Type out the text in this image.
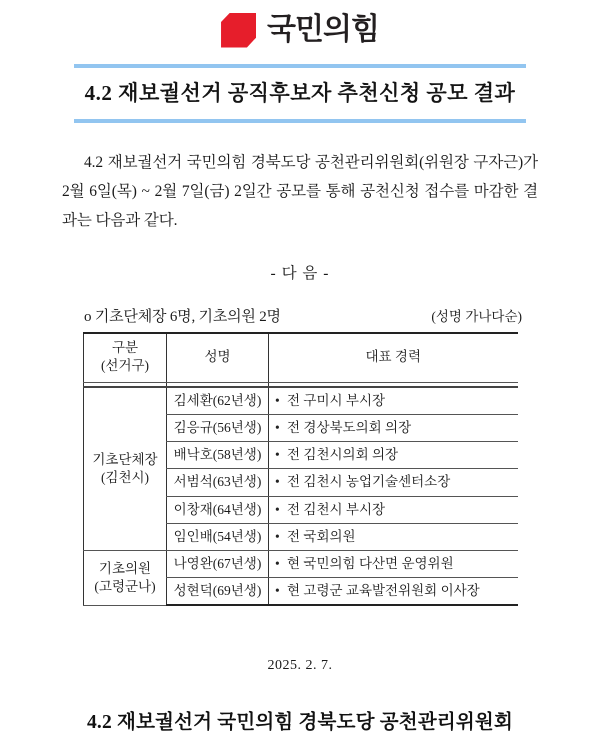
국민의힘
4.2 재보궐선거 공직후보자 추천신청 공모 결과

4.2 재보궐선거 국민의힘 경북도당 공천관리위원회(위원장 구자근)가 2월 6일(목) ~ 2월 7일(금) 2일간 공모를 통해 공천신청 접수를 마감한 결과는 다음과 같다.

- 다 음 -
o 기초단체장 6명, 기초의원 2명	(성명 가나다순)
구분
(선거구)	성명	대표 경력

기초단체장
(김천시)	김세환(62년생)	• 전 구미시 부시장
	김응규(56년생)	• 전 경상북도의회 의장
	배낙호(58년생)	• 전 김천시의회 의장
	서범석(63년생)	• 전 김천시 농업기술센터소장
	이창재(64년생)	• 전 김천시 부시장
	임인배(54년생)	• 전 국회의원
기초의원
(고령군나)	나영완(67년생)	• 현 국민의힘 다산면 운영위원
	성현덕(69년생)	• 현 고령군 교육발전위원회 이사장
2025. 2. 7.
4.2 재보궐선거 국민의힘 경북도당 공천관리위원회
